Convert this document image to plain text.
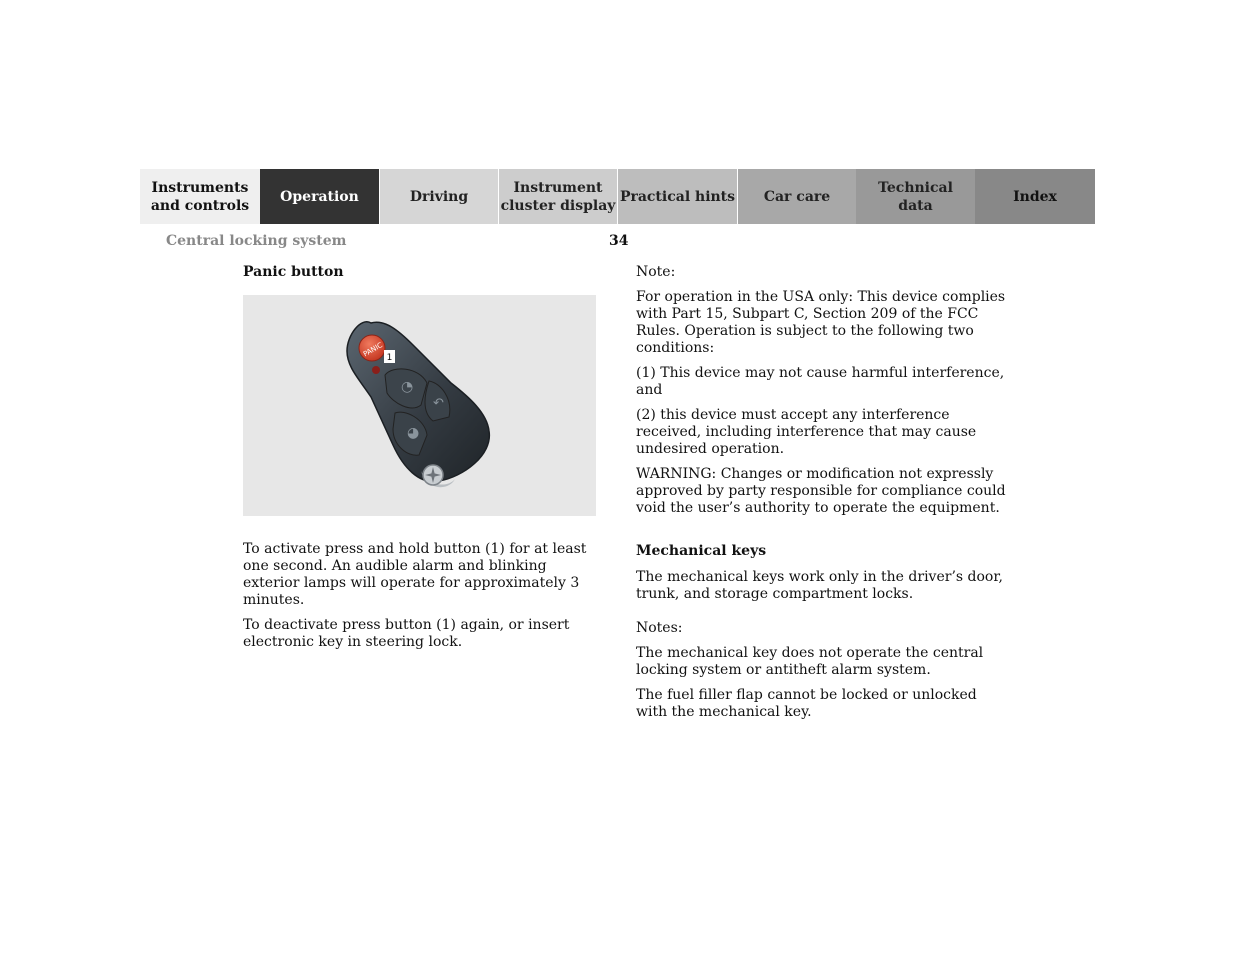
Instruments
and controls
Operation	Driving
Instrument
cluster display
Practical hints Car care
Technical
data
Index
Central locking system	34

Panic button

◔
↶
◕
PANIC 1

To activate press and hold button (1) for at least one second. An audible alarm and blinking exterior lamps will operate for approximately 3 minutes.

To deactivate press button (1) again, or insert electronic key in steering lock.

Note:

For operation in the USA only: This device complies with Part 15, Subpart C, Section 209 of the FCC Rules. Operation is subject to the following two conditions:

(1) This device may not cause harmful interference, and

(2) this device must accept any interference received, including interference that may cause undesired operation.

WARNING: Changes or modification not expressly approved by party responsible for compliance could void the user’s authority to operate the equipment.

Mechanical keys

The mechanical keys work only in the driver’s door, trunk, and storage compartment locks.

Notes:

The mechanical key does not operate the central locking system or antitheft alarm system.

The fuel filler flap cannot be locked or unlocked with the mechanical key.
